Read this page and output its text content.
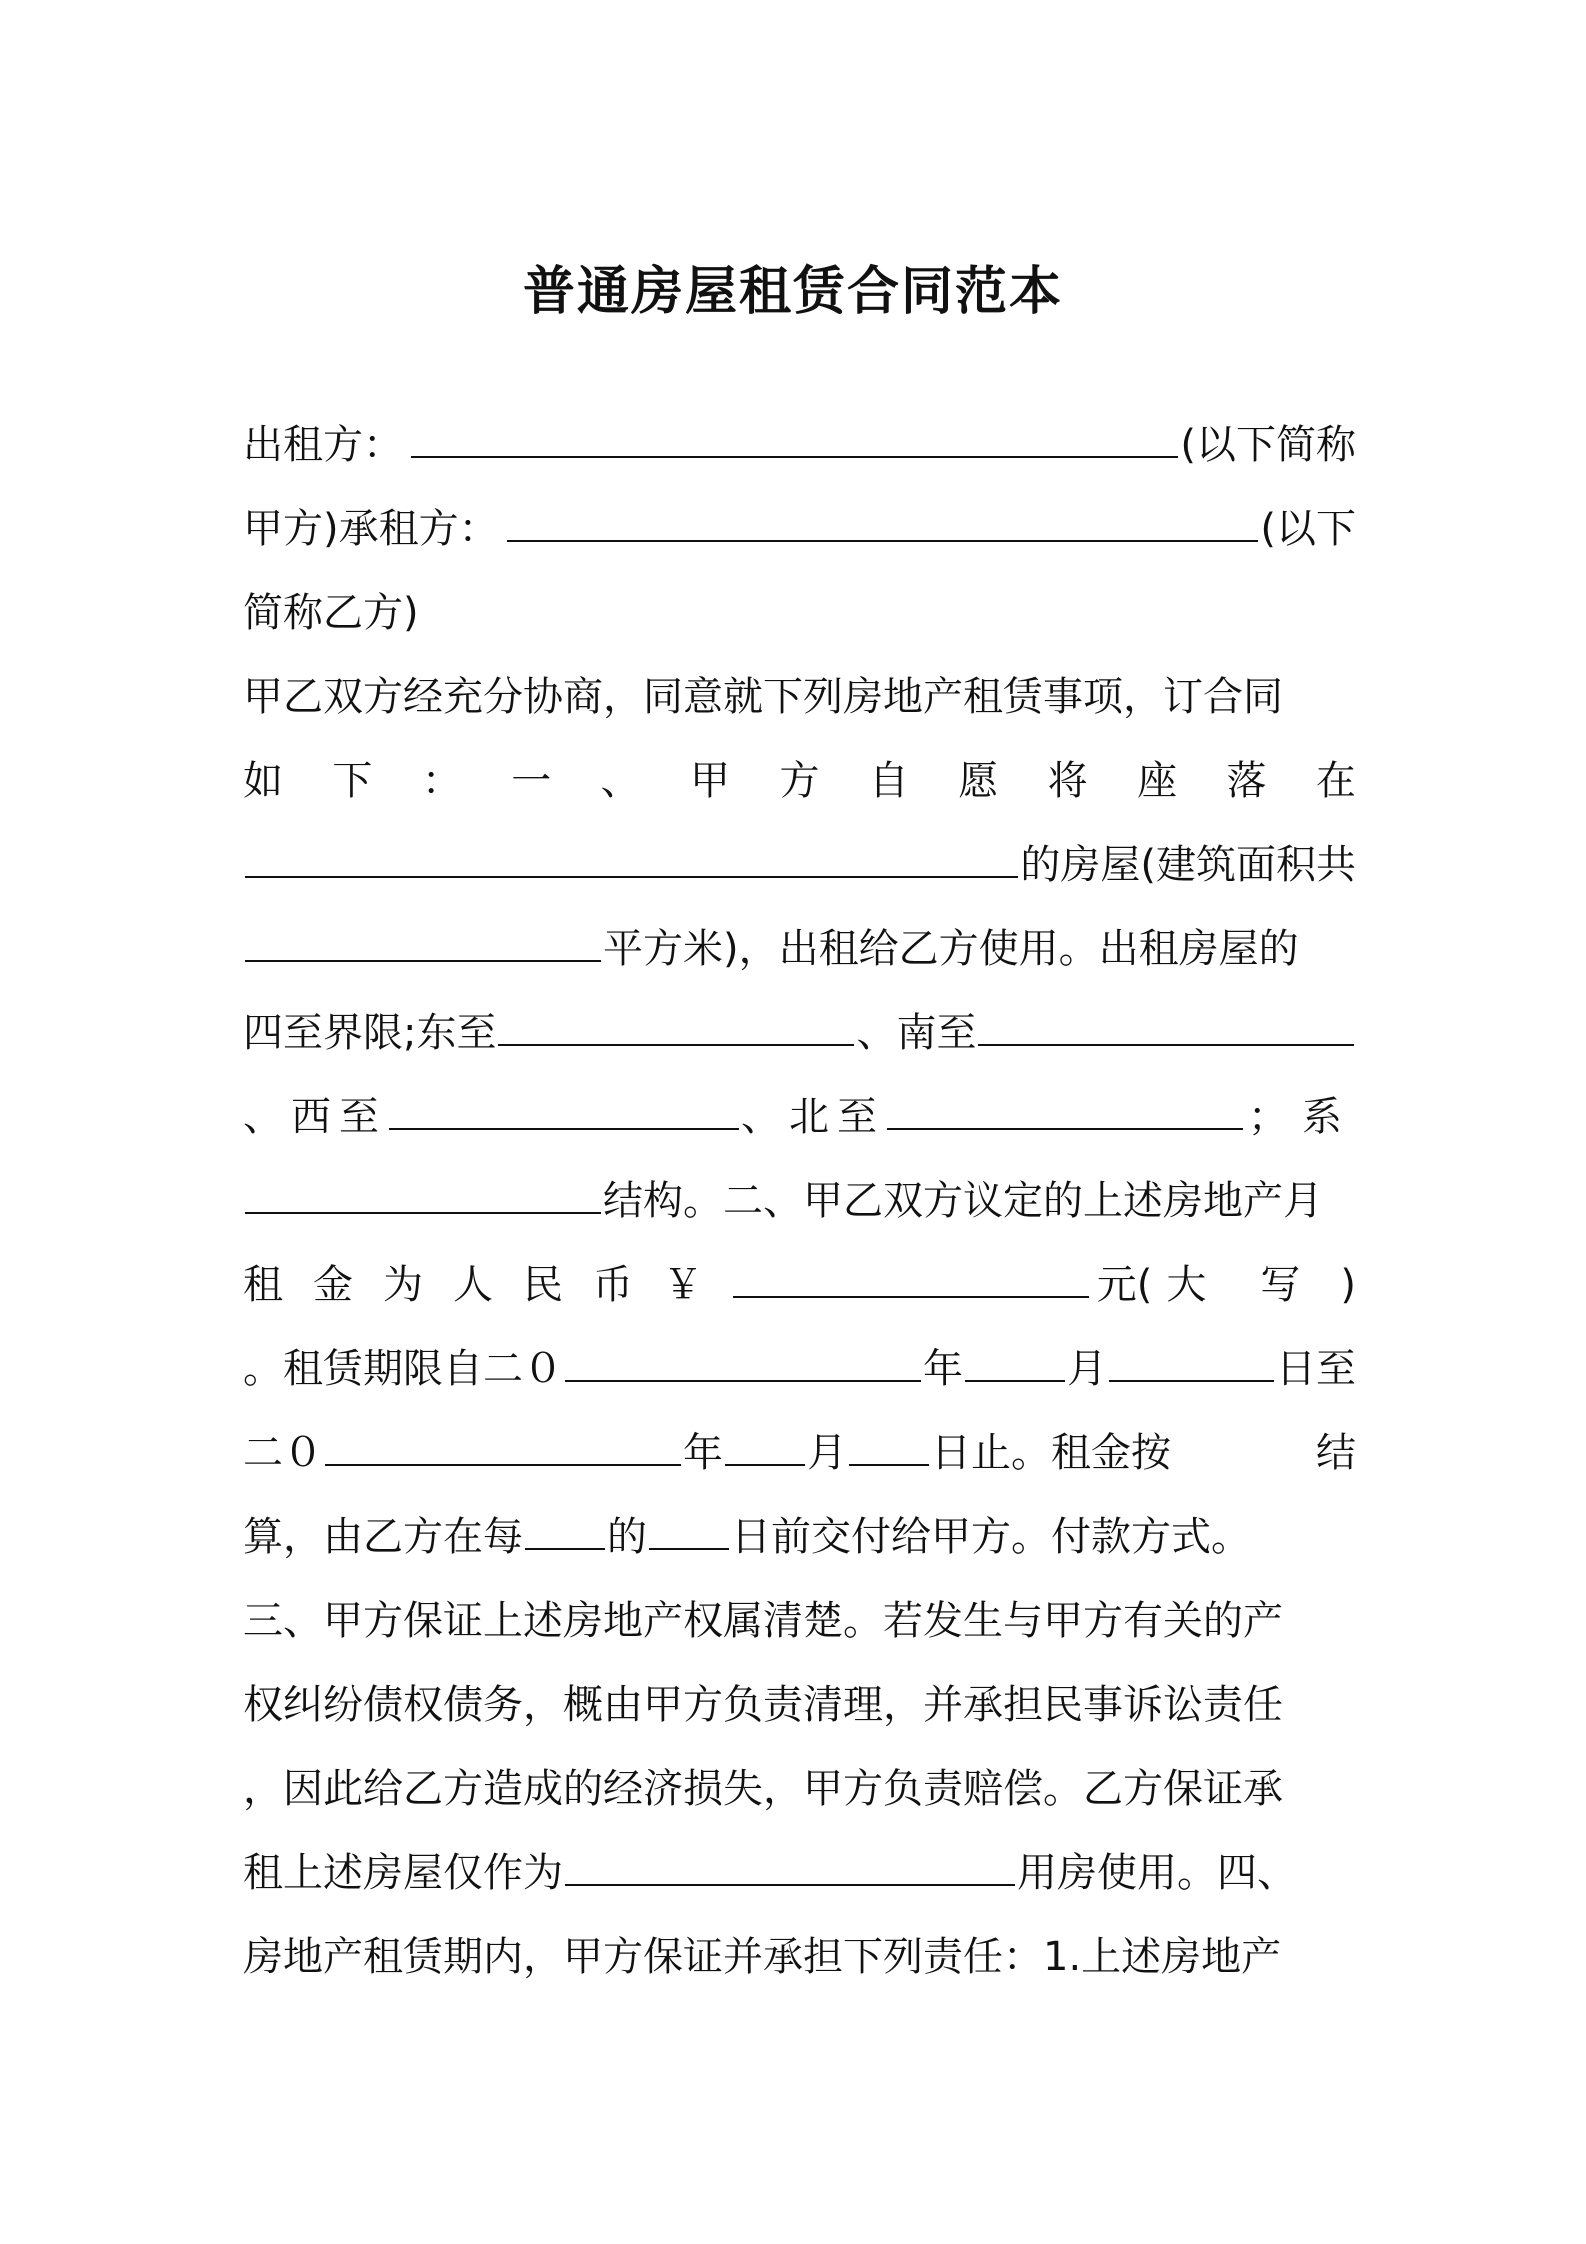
普通房屋租赁合同范本
出租方：	(以下简称
甲方)承租方：	(以下
简称乙方)
甲乙双方经充分协商，同意就下列房地产租赁事项，订合同
如 下 ： 一 、 甲 方 自 愿 将 座 落 在
的房屋(建筑面积共
平方米)，出租给乙方使用。出租房屋的
四至界限;东至	、南至
、西至	、北至	；系
结构。二、甲乙双方议定的上述房地产月
租 金 为 人 民 币 ￥	元 (大 写 )
。租赁期限自二０	年	月	日至
二０	年 月 日止。租金按	结
算，由乙方在每 的 日前交付给甲方。付款方式。
三、甲方保证上述房地产权属清楚。若发生与甲方有关的产
权纠纷债权债务，概由甲方负责清理，并承担民事诉讼责任
，因此给乙方造成的经济损失，甲方负责赔偿。乙方保证承
租上述房屋仅作为	用房使用。四、
房地产租赁期内，甲方保证并承担下列责任：1.上述房地产
